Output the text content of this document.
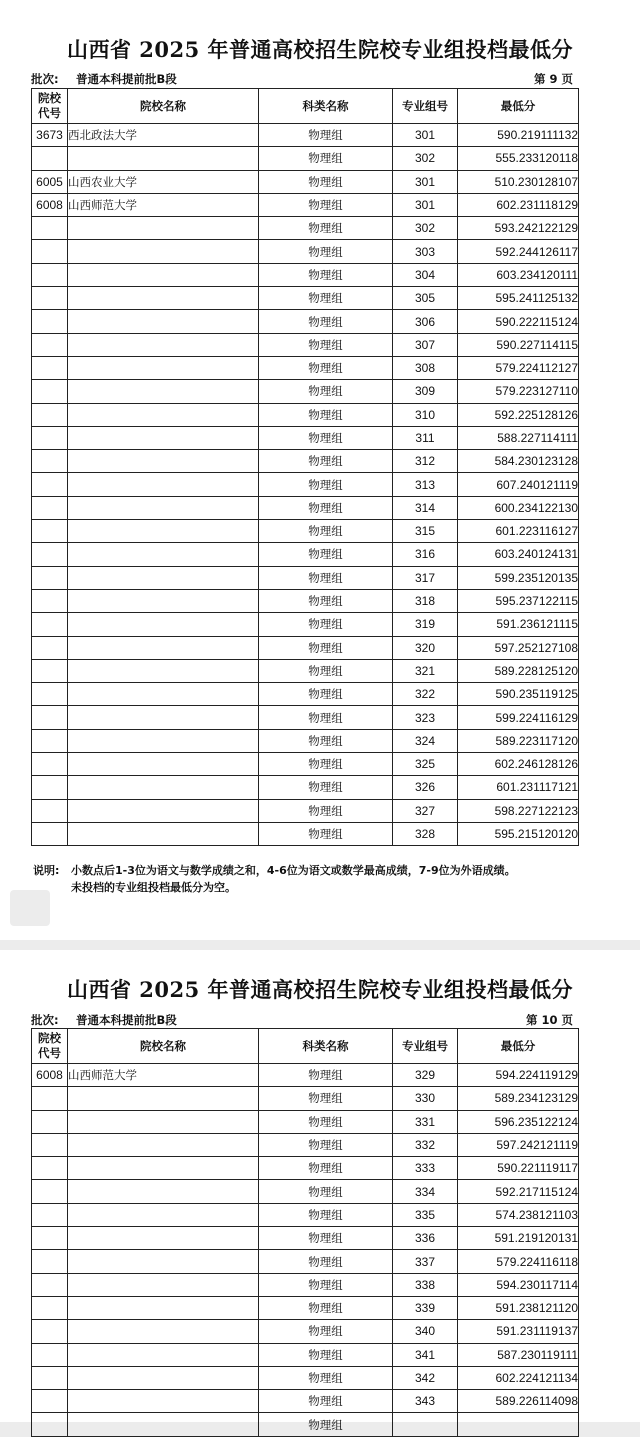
山西省 2025 年普通高校招生院校专业组投档最低分
批次: 普通本科提前批B段	第 9 页
院校代号	院校名称	科类名称	专业组号	最低分
3673	西北政法大学	物理组	301	590.219111132
		物理组	302	555.233120118
6005	山西农业大学	物理组	301	510.230128107
6008	山西师范大学	物理组	301	602.231118129
		物理组	302	593.242122129
		物理组	303	592.244126117
		物理组	304	603.234120111
		物理组	305	595.241125132
		物理组	306	590.222115124
		物理组	307	590.227114115
		物理组	308	579.224112127
		物理组	309	579.223127110
		物理组	310	592.225128126
		物理组	311	588.227114111
		物理组	312	584.230123128
		物理组	313	607.240121119
		物理组	314	600.234122130
		物理组	315	601.223116127
		物理组	316	603.240124131
		物理组	317	599.235120135
		物理组	318	595.237122115
		物理组	319	591.236121115
		物理组	320	597.252127108
		物理组	321	589.228125120
		物理组	322	590.235119125
		物理组	323	599.224116129
		物理组	324	589.223117120
		物理组	325	602.246128126
		物理组	326	601.231117121
		物理组	327	598.227122123
		物理组	328	595.215120120
说明: 小数点后1-3位为语文与数学成绩之和，4-6位为语文或数学最高成绩，7-9位为外语成绩。
未投档的专业组投档最低分为空。
山西省 2025 年普通高校招生院校专业组投档最低分
批次: 普通本科提前批B段	第 10 页
院校代号	院校名称	科类名称	专业组号	最低分
6008	山西师范大学	物理组	329	594.224119129
		物理组	330	589.234123129
		物理组	331	596.235122124
		物理组	332	597.242121119
		物理组	333	590.221119117
		物理组	334	592.217115124
		物理组	335	574.238121103
		物理组	336	591.219120131
		物理组	337	579.224116118
		物理组	338	594.230117114
		物理组	339	591.238121120
		物理组	340	591.231119137
		物理组	341	587.230119111
		物理组	342	602.224121134
		物理组	343	589.226114098
		物理组		
